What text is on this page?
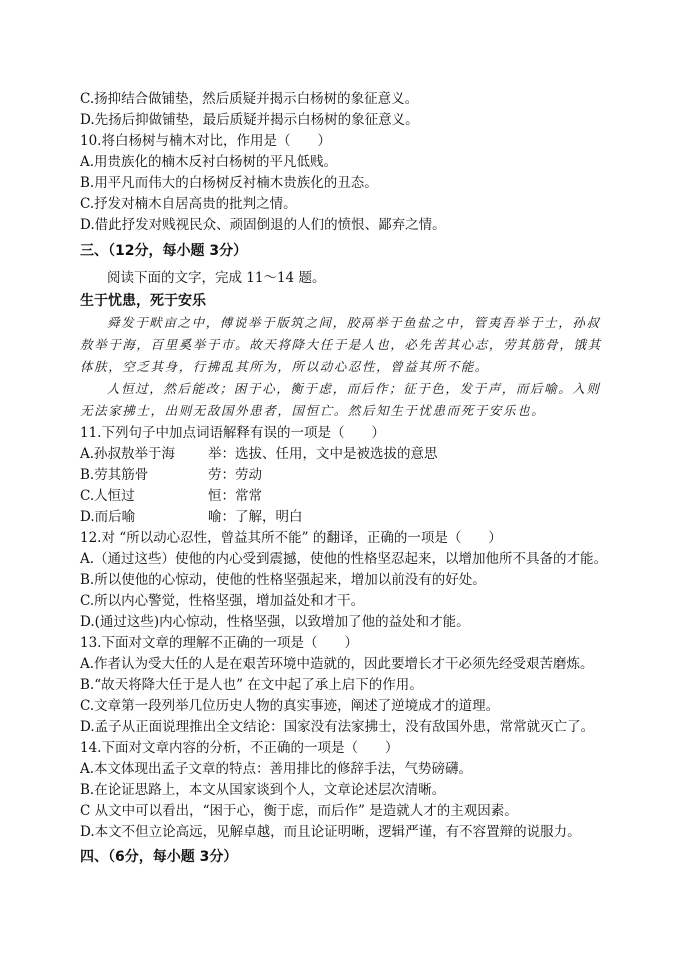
C.扬抑结合做铺垫，然后质疑并揭示白杨树的象征意义。
D.先扬后抑做铺垫，最后质疑并揭示白杨树的象征意义。
10.将白杨树与楠木对比，作用是（　　）
A.用贵族化的楠木反衬白杨树的平凡低贱。
B.用平凡而伟大的白杨树反衬楠木贵族化的丑态。
C.抒发对楠木自居高贵的批判之情。
D.借此抒发对贱视民众、顽固倒退的人们的愤恨、鄙弃之情。
三、（12分，每小题 3分）
阅读下面的文字，完成 11～14 题。
生于忧患，死于安乐
舜发于畎亩之中，傅说举于版筑之间，胶鬲举于鱼盐之中，管夷吾举于士，孙叔
敖举于海，百里奚举于市。故天将降大任于是人也，必先苦其心志，劳其筋骨，饿其
体肤，空乏其身，行拂乱其所为，所以动心忍性，曾益其所不能。
人恒过，然后能改；困于心，衡于虑，而后作；征于色，发于声，而后喻。入则
无法家拂士，出则无敌国外患者，国恒亡。然后知生于忧患而死于安乐也。
11.下列句子中加点词语解释有误的一项是（　　）
A.孙叔敖举于海 举：选拔、任用，文中是被选拔的意思
B.劳其筋骨	劳：劳动
C.人恒过	恒：常常
D.而后喻	喻：了解，明白
12.对 “所以动心忍性，曾益其所不能” 的翻译，正确的一项是（　　）
A.（通过这些）使他的内心受到震撼，使他的性格坚忍起来，以增加他所不具备的才能。
B.所以使他的心惊动，使他的性格坚强起来，增加以前没有的好处。
C.所以内心警觉，性格坚强，增加益处和才干。
D.(通过这些)内心惊动，性格坚强，以致增加了他的益处和才能。
13.下面对文章的理解不正确的一项是（　　）
A.作者认为受大任的人是在艰苦环境中造就的，因此要增长才干必须先经受艰苦磨炼。
B.“故天将降大任于是人也” 在文中起了承上启下的作用。
C.文章第一段列举几位历史人物的真实事迹，阐述了逆境成才的道理。
D.孟子从正面说理推出全文结论：国家没有法家拂士，没有敌国外患，常常就灭亡了。
14.下面对文章内容的分析，不正确的一项是（　　）
A.本文体现出孟子文章的特点：善用排比的修辞手法，气势磅礴。
B.在论证思路上，本文从国家谈到个人，文章论述层次清晰。
C 从文中可以看出，“困于心，衡于虑，而后作” 是造就人才的主观因素。
D.本文不但立论高远，见解卓越，而且论证明晰，逻辑严谨，有不容置辩的说服力。
四、（6分，每小题 3分）
